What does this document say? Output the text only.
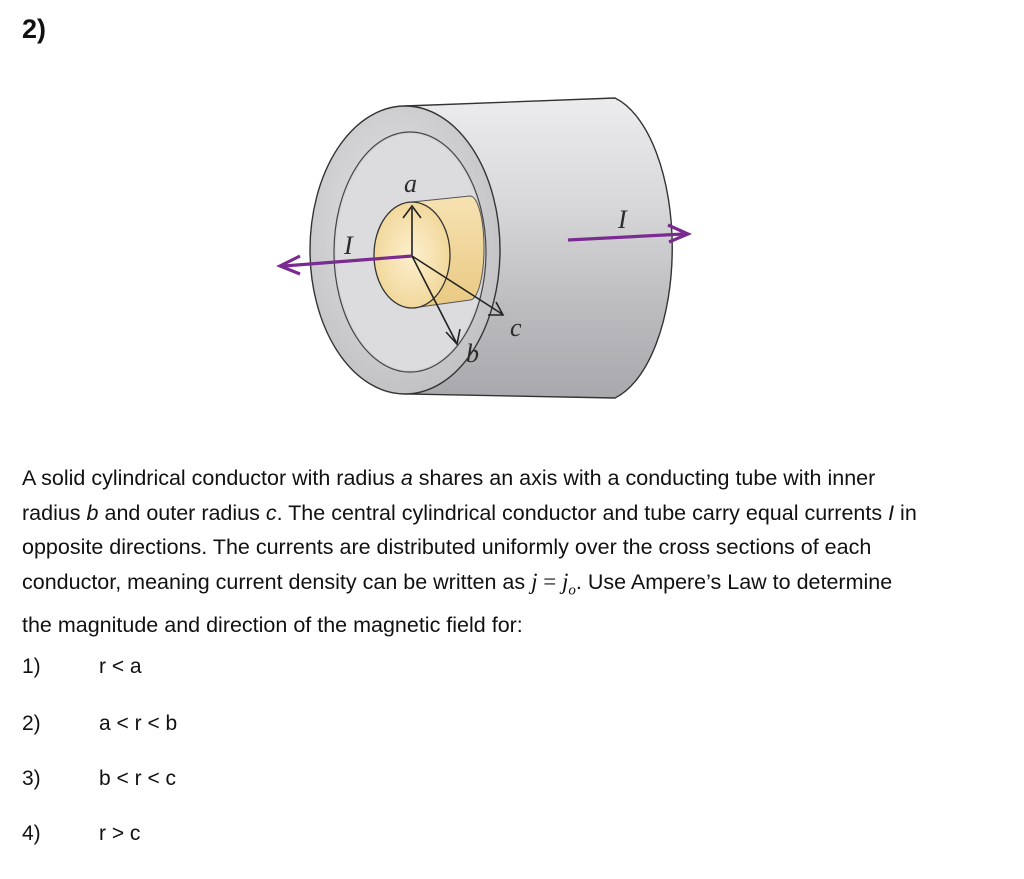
2)
a
b
c
I
I
A solid cylindrical conductor with radius a shares an axis with a conducting tube with inner
radius b and outer radius c. The central cylindrical conductor and tube carry equal currents I in
opposite directions. The currents are distributed uniformly over the cross sections of each
conductor, meaning current density can be written as $j = j_o$. Use Ampere’s Law to determine
the magnitude and direction of the magnetic field for:
1)	r < a
2)	a < r < b
3)	b < r < c
4)	r > c
